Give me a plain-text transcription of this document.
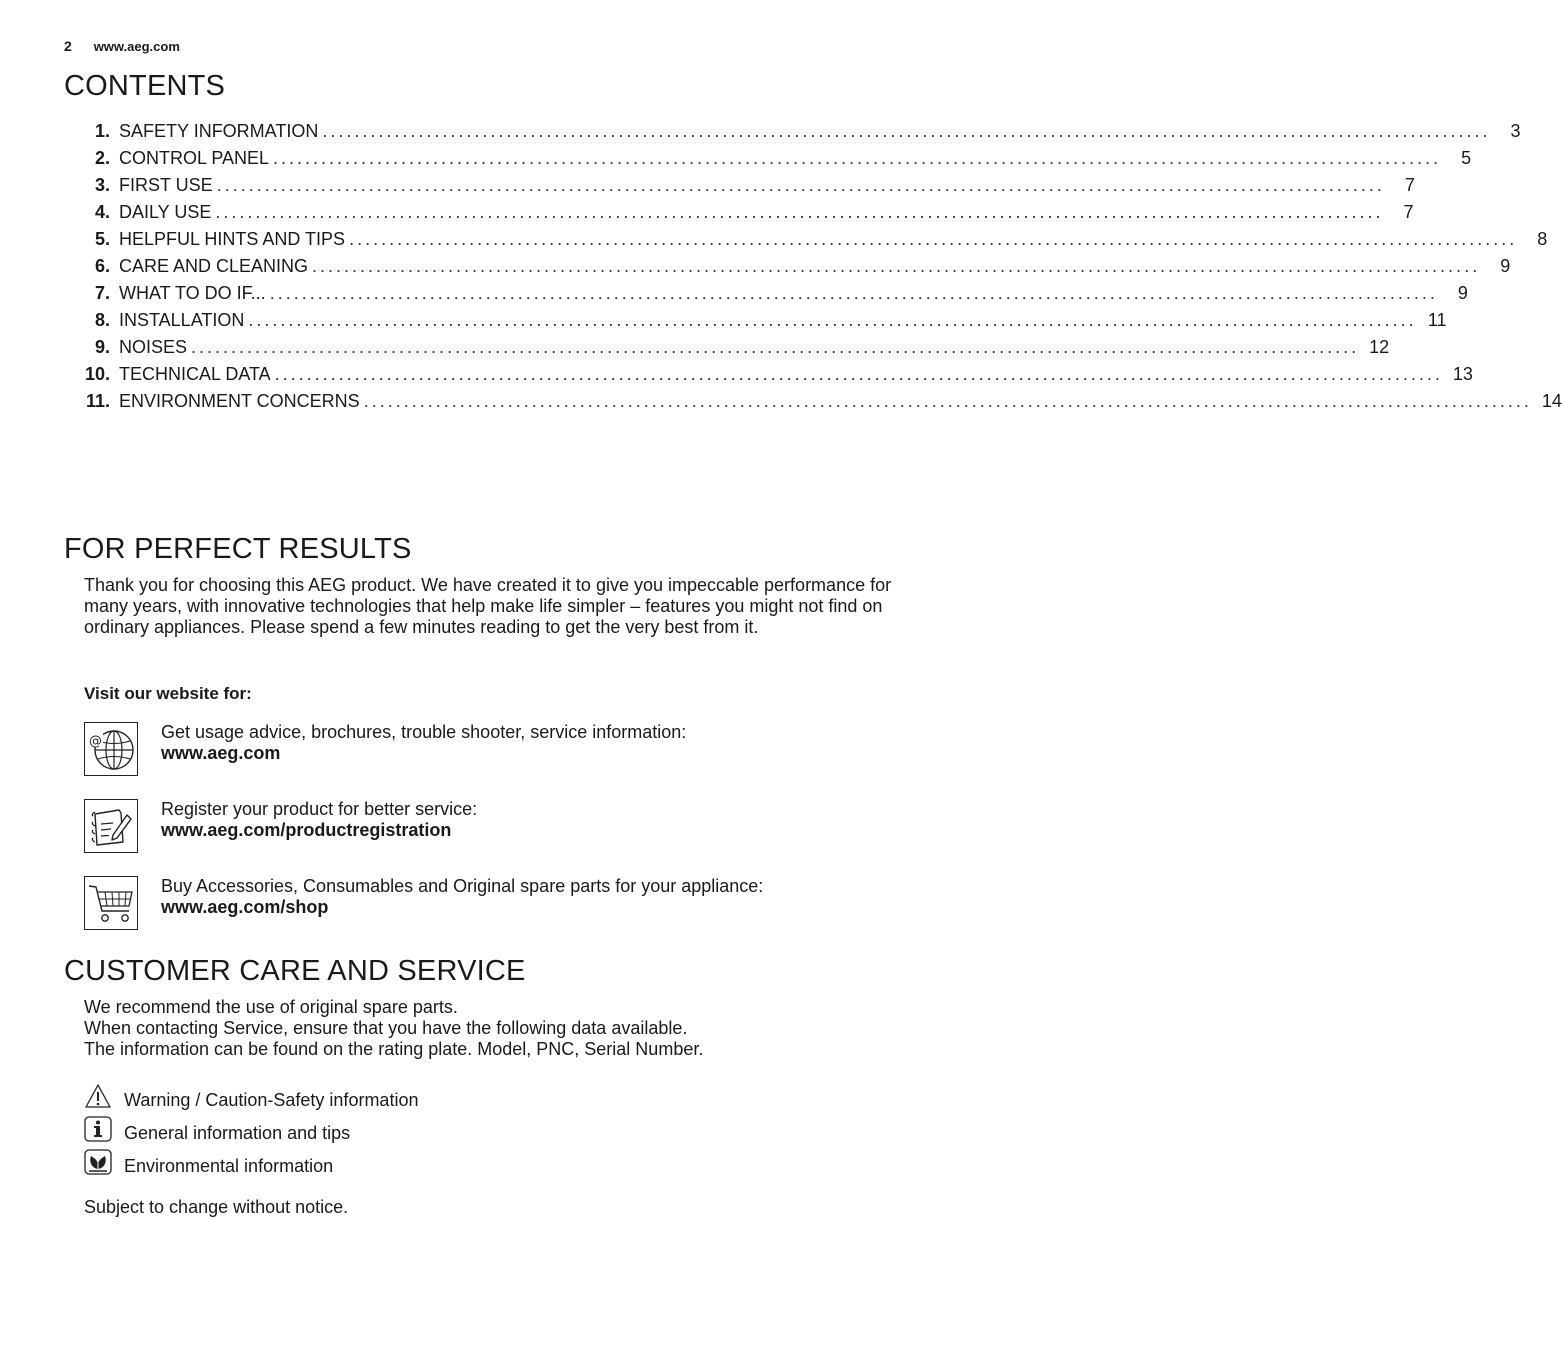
2 www.aeg.com
CONTENTS
1. SAFETY INFORMATION ..................................................................................................................................................	3
2. CONTROL PANEL ..................................................................................................................................................	5
3. FIRST USE ..................................................................................................................................................	7
4. DAILY USE ..................................................................................................................................................	7
5. HELPFUL HINTS AND TIPS ..................................................................................................................................................	8
6. CARE AND CLEANING ..................................................................................................................................................	9
7. WHAT TO DO IF... ..................................................................................................................................................	9
8. INSTALLATION .................................................................................................................................................. 11
9. NOISES .................................................................................................................................................. 12
10. TECHNICAL DATA .................................................................................................................................................. 13
11. ENVIRONMENT CONCERNS .................................................................................................................................................. 14
FOR PERFECT RESULTS

Thank you for choosing this AEG product. We have created it to give you impeccable performance for many years, with innovative technologies that help make life simpler – features you might not find on ordinary appliances. Please spend a few minutes reading to get the very best from it.

Visit our website for:
@	Get usage advice, brochures, trouble shooter, service information:
www.aeg.com
Register your product for better service:
www.aeg.com/productregistration
Buy Accessories, Consumables and Original spare parts for your appliance:
www.aeg.com/shop
CUSTOMER CARE AND SERVICE

We recommend the use of original spare parts.

When contacting Service, ensure that you have the following data available.

The information can be found on the rating plate. Model, PNC, Serial Number.

Warning / Caution-Safety information
General information and tips
Environmental information

Subject to change without notice.
